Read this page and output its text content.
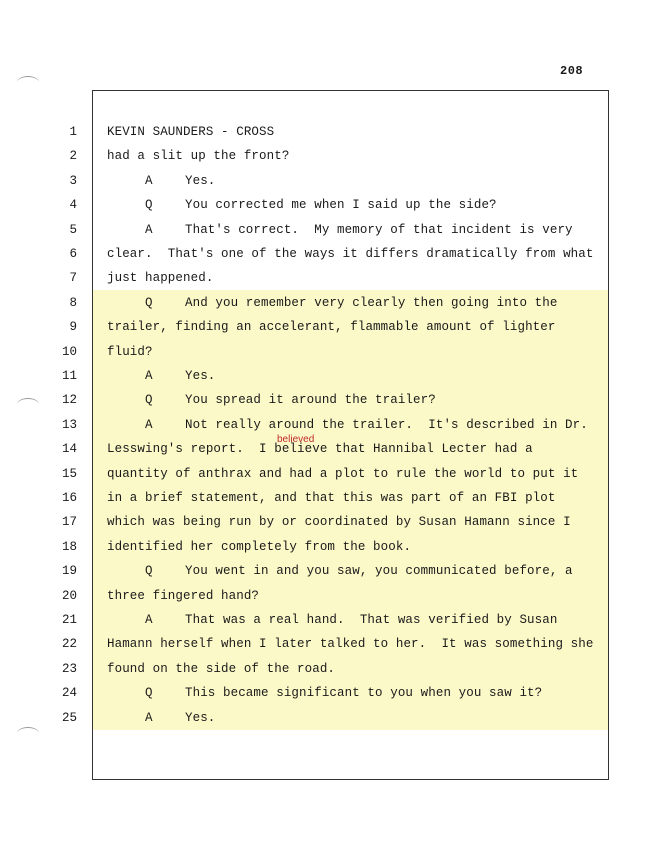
208
1 KEVIN SAUNDERS - CROSS
2 had a slit up the front?
3	A	Yes.
4	Q	You corrected me when I said up the side?
5	A	That's correct.  My memory of that incident is very
6 clear.  That's one of the ways it differs dramatically from what
7 just happened.
8	Q	And you remember very clearly then going into the
9 trailer, finding an accelerant, flammable amount of lighter
10 fluid?
11	A	Yes.
12	Q	You spread it around the trailer?
13	A	Not really around the trailer.  It's described in Dr.
14 Lesswing's report.  I believe that Hannibal Lecter had a
15 quantity of anthrax and had a plot to rule the world to put it
16 in a brief statement, and that this was part of an FBI plot
17 which was being run by or coordinated by Susan Hamann since I
18 identified her completely from the book.
19	Q	You went in and you saw, you communicated before, a
20 three fingered hand?
21	A	That was a real hand.  That was verified by Susan
22 Hamann herself when I later talked to her.  It was something she
23 found on the side of the road.
24	Q	This became significant to you when you saw it?
25	A	Yes.
believed
